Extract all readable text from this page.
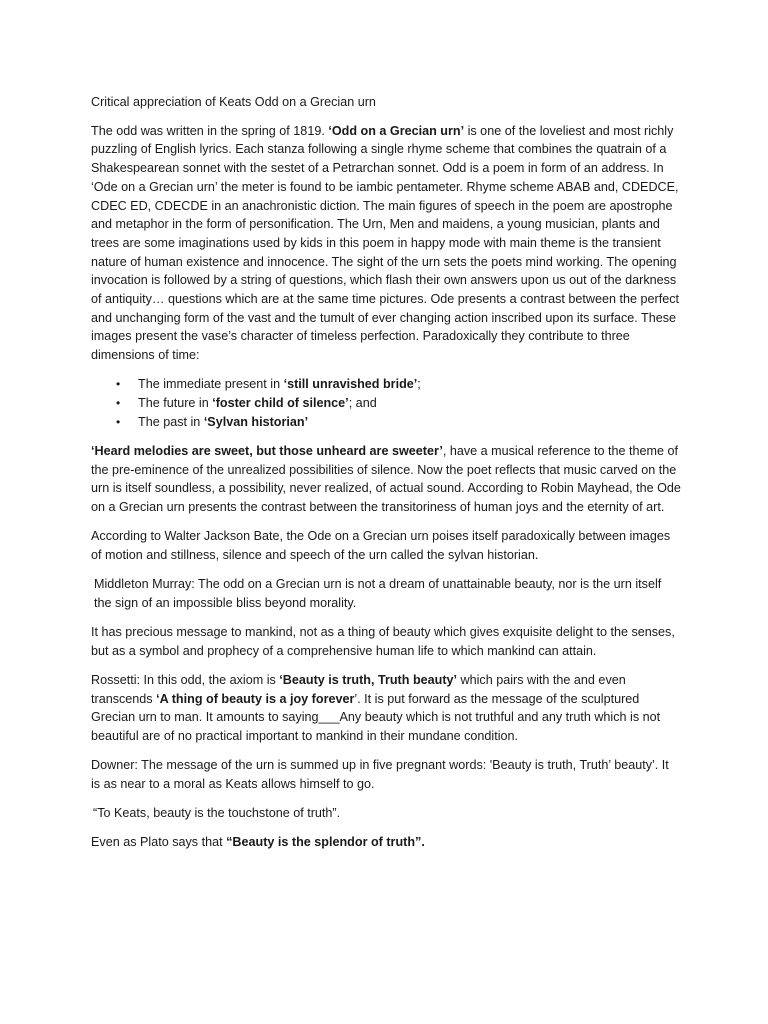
Critical appreciation of Keats Odd on a Grecian urn

The odd was written in the spring of 1819. ‘Odd on a Grecian urn’ is one of the loveliest and most richly puzzling of English lyrics. Each stanza following a single rhyme scheme that combines the quatrain of a Shakespearean sonnet with the sestet of a Petrarchan sonnet. Odd is a poem in form of an address. In ‘Ode on a Grecian urn’ the meter is found to be iambic pentameter. Rhyme scheme ABAB and, CDEDCE, CDEC ED, CDECDE in an anachronistic diction. The main figures of speech in the poem are apostrophe and metaphor in the form of personification. The Urn, Men and maidens, a young musician, plants and trees are some imaginations used by kids in this poem in happy mode with main theme is the transient nature of human existence and innocence. The sight of the urn sets the poets mind working. The opening invocation is followed by a string of questions, which flash their own answers upon us out of the darkness of antiquity… questions which are at the same time pictures. Ode presents a contrast between the perfect and unchanging form of the vast and the tumult of ever changing action inscribed upon its surface. These images present the vase’s character of timeless perfection. Paradoxically they contribute to three dimensions of time:

• The immediate present in ‘still unravished bride’;
• The future in ‘foster child of silence’; and
• The past in ‘Sylvan historian’

‘Heard melodies are sweet, but those unheard are sweeter’, have a musical reference to the theme of the pre-eminence of the unrealized possibilities of silence. Now the poet reflects that music carved on the urn is itself soundless, a possibility, never realized, of actual sound. According to Robin Mayhead, the Ode on a Grecian urn presents the contrast between the transitoriness of human joys and the eternity of art.

According to Walter Jackson Bate, the Ode on a Grecian urn poises itself paradoxically between images of motion and stillness, silence and speech of the urn called the sylvan historian.

Middleton Murray: The odd on a Grecian urn is not a dream of unattainable beauty, nor is the urn itself the sign of an impossible bliss beyond morality.

It has precious message to mankind, not as a thing of beauty which gives exquisite delight to the senses, but as a symbol and prophecy of a comprehensive human life to which mankind can attain.

Rossetti: In this odd, the axiom is ‘Beauty is truth, Truth beauty’ which pairs with the and even transcends ‘A thing of beauty is a joy forever’. It is put forward as the message of the sculptured Grecian urn to man. It amounts to saying___Any beauty which is not truthful and any truth which is not beautiful are of no practical important to mankind in their mundane condition.

Downer: The message of the urn is summed up in five pregnant words: 'Beauty is truth, Truth’ beauty’. It is as near to a moral as Keats allows himself to go.

“To Keats, beauty is the touchstone of truth”.

Even as Plato says that “Beauty is the splendor of truth”.
